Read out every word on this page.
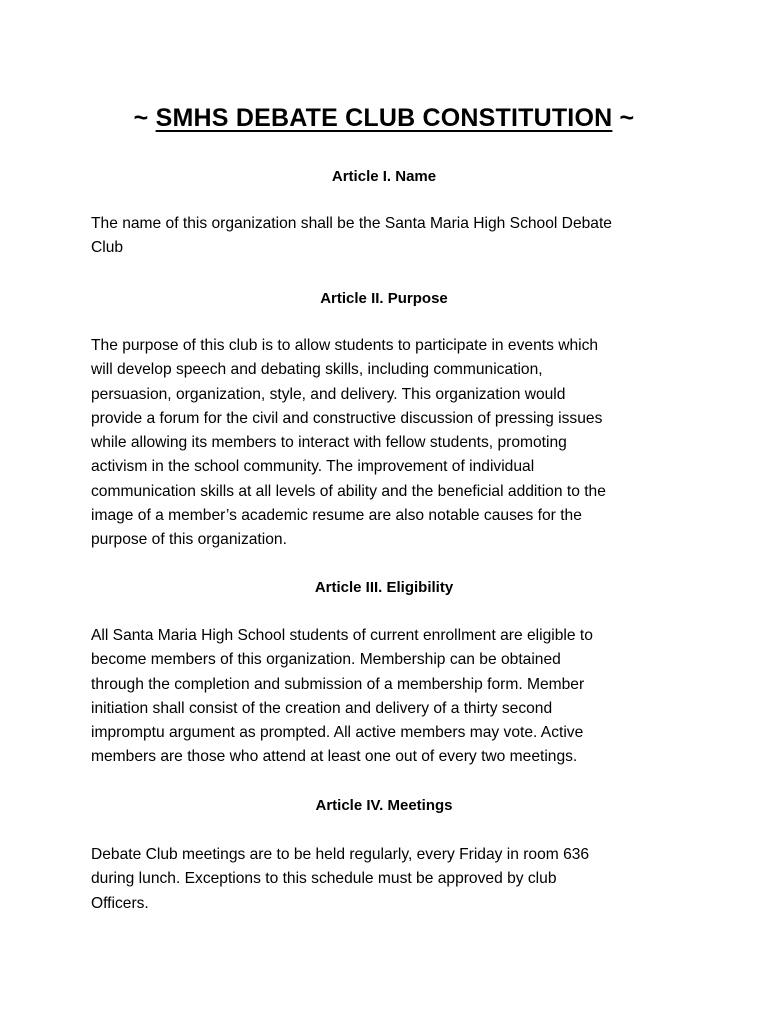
~ SMHS DEBATE CLUB CONSTITUTION ~
Article I. Name
The name of this organization shall be the Santa Maria High School Debate
Club
Article II. Purpose
The purpose of this club is to allow students to participate in events which
will develop speech and debating skills, including communication,
persuasion, organization, style, and delivery. This organization would
provide a forum for the civil and constructive discussion of pressing issues
while allowing its members to interact with fellow students, promoting
activism in the school community. The improvement of individual
communication skills at all levels of ability and the beneficial addition to the
image of a member’s academic resume are also notable causes for the
purpose of this organization.
Article III. Eligibility
All Santa Maria High School students of current enrollment are eligible to
become members of this organization. Membership can be obtained
through the completion and submission of a membership form. Member
initiation shall consist of the creation and delivery of a thirty second
impromptu argument as prompted. All active members may vote. Active
members are those who attend at least one out of every two meetings.
Article IV. Meetings
Debate Club meetings are to be held regularly, every Friday in room 636
during lunch. Exceptions to this schedule must be approved by club
Officers.
